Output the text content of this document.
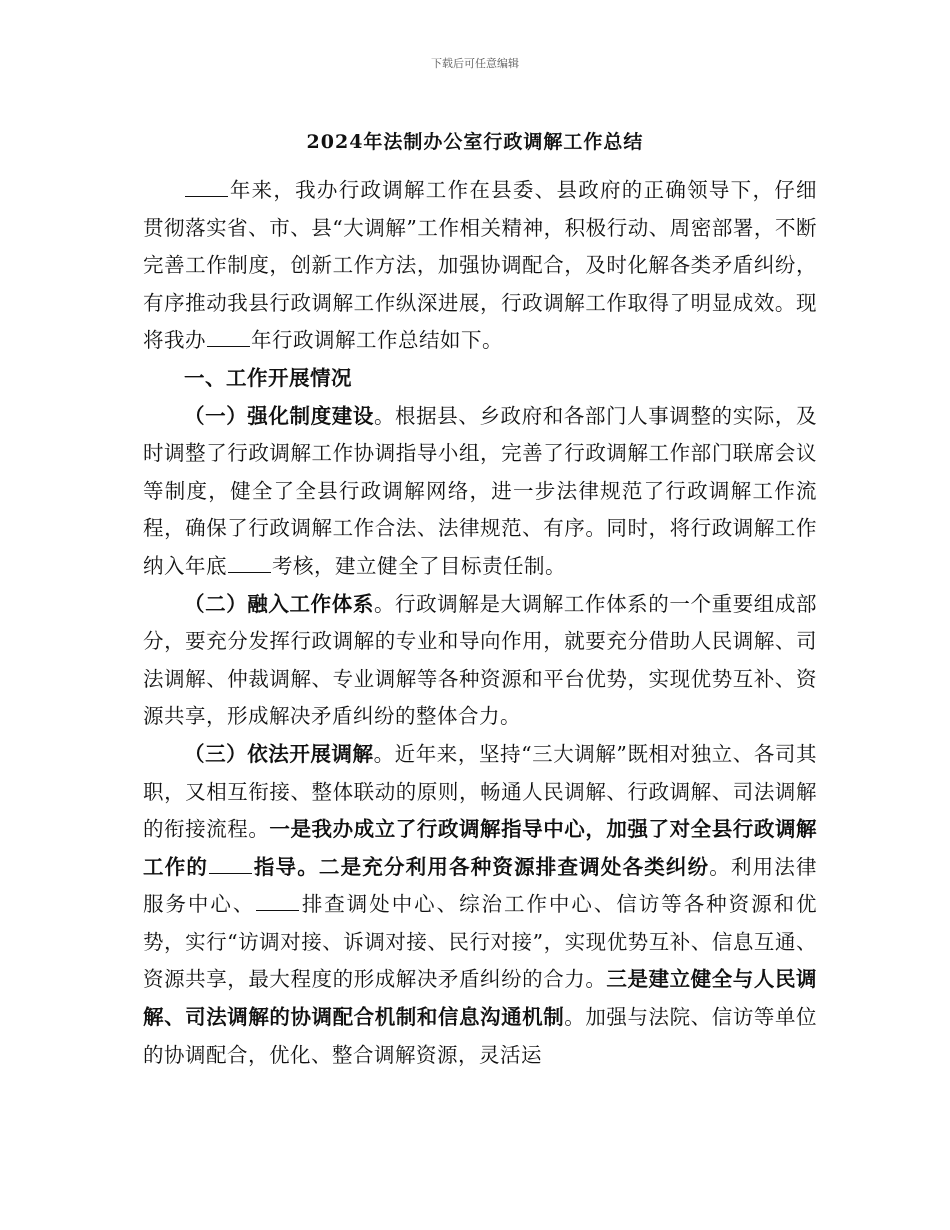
下载后可任意编辑
2024年法制办公室行政调解工作总结

年来，我办行政调解工作在县委、县政府的正确领导下，仔细贯彻落实省、市、县“大调解”工作相关精神，积极行动、周密部署，不断完善工作制度，创新工作方法，加强协调配合，及时化解各类矛盾纠纷，有序推动我县行政调解工作纵深进展，行政调解工作取得了明显成效。现将我办 年行政调解工作总结如下。

一、工作开展情况

（一）强化制度建设。根据县、乡政府和各部门人事调整的实际，及时调整了行政调解工作协调指导小组，完善了行政调解工作部门联席会议等制度，健全了全县行政调解网络，进一步法律规范了行政调解工作流程，确保了行政调解工作合法、法律规范、有序。同时，将行政调解工作纳入年底 考核，建立健全了目标责任制。

（二）融入工作体系。行政调解是大调解工作体系的一个重要组成部分，要充分发挥行政调解的专业和导向作用，就要充分借助人民调解、司法调解、仲裁调解、专业调解等各种资源和平台优势，实现优势互补、资源共享，形成解决矛盾纠纷的整体合力。

（三）依法开展调解。近年来，坚持“三大调解”既相对独立、各司其职，又相互衔接、整体联动的原则，畅通人民调解、行政调解、司法调解的衔接流程。一是我办成立了行政调解指导中心，加强了对全县行政调解工作的 指导。二是充分利用各种资源排查调处各类纠纷。利用法律服务中心、 排查调处中心、综治工作中心、信访等各种资源和优势，实行“访调对接、诉调对接、民行对接”，实现优势互补、信息互通、资源共享，最大程度的形成解决矛盾纠纷的合力。三是建立健全与人民调解、司法调解的协调配合机制和信息沟通机制。加强与法院、信访等单位的协调配合，优化、整合调解资源，灵活运
